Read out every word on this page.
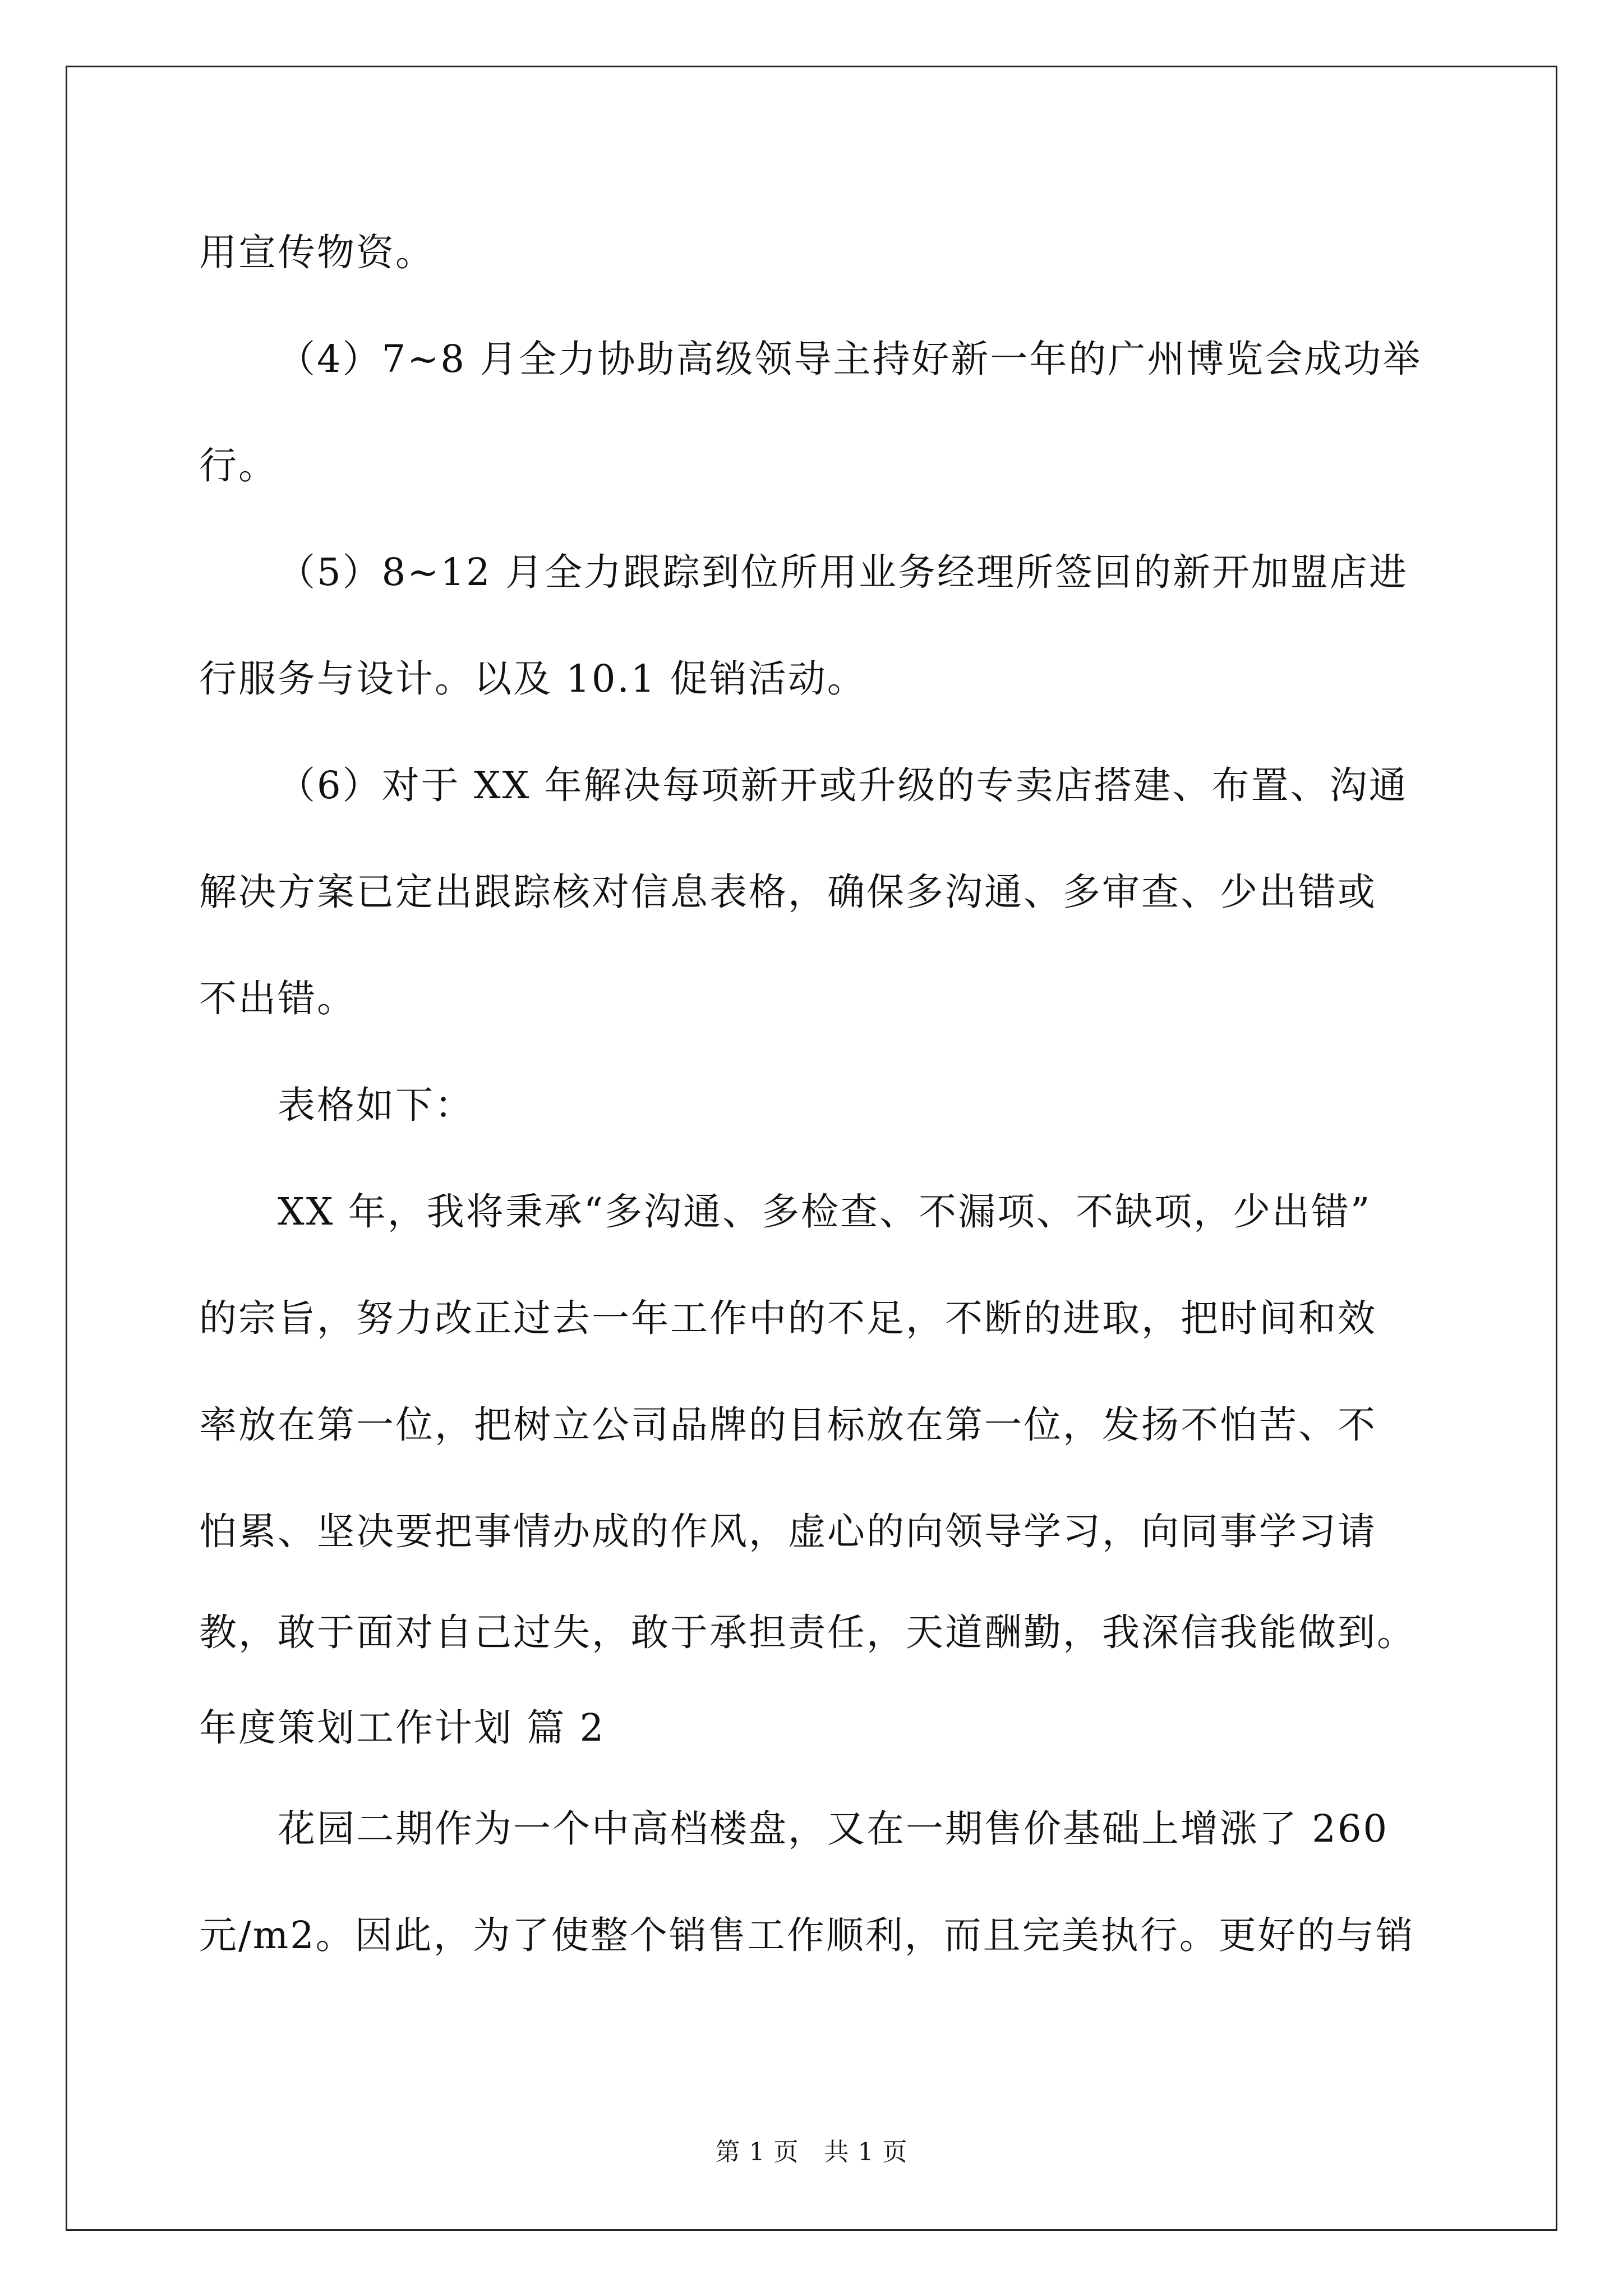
用宣传物资。
（4）7~8 月全力协助高级领导主持好新一年的广州博览会成功举
行。
（5）8~12 月全力跟踪到位所用业务经理所签回的新开加盟店进
行服务与设计。以及 10.1 促销活动。
（6）对于 XX 年解决每项新开或升级的专卖店搭建、布置、沟通
解决方案已定出跟踪核对信息表格，确保多沟通、多审查、少出错或
不出错。
表格如下：
XX 年，我将秉承“多沟通、多检查、不漏项、不缺项，少出错”
的宗旨，努力改正过去一年工作中的不足，不断的进取，把时间和效
率放在第一位，把树立公司品牌的目标放在第一位，发扬不怕苦、不
怕累、坚决要把事情办成的作风，虚心的向领导学习，向同事学习请
教，敢于面对自己过失，敢于承担责任，天道酬勤，我深信我能做到。
年度策划工作计划 篇 2
花园二期作为一个中高档楼盘，又在一期售价基础上增涨了 260
元/m2。因此，为了使整个销售工作顺利，而且完美执行。更好的与销
第 1 页　共 1 页
